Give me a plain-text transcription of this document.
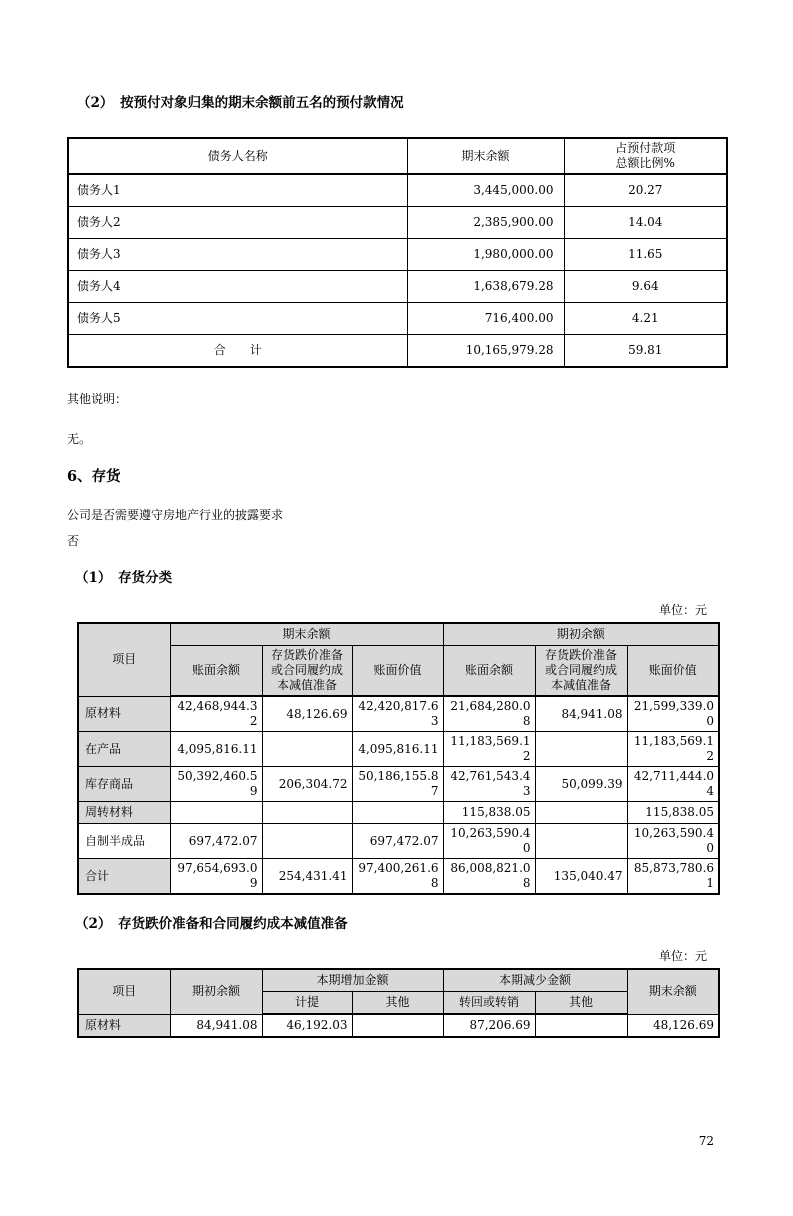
（2）　按预付对象归集的期末余额前五名的预付款情况
债务人名称	期末余额	占预付款项
总额比例%

债务人1	3,445,000.00	20.27
债务人2	2,385,900.00	14.04
债务人3	1,980,000.00	11.65
债务人4	1,638,679.28	9.64
债务人5	716,400.00	4.21
合　　计	10,165,979.28	59.81
其他说明：
无。
6、存货
公司是否需要遵守房地产行业的披露要求
否
（1）　存货分类
单位：元
项目	期末余额			期初余额		
	账面余额	存货跌价准备或合同履约成本减值准备	账面价值	账面余额	存货跌价准备或合同履约成本减值准备	账面价值
原材料	42,468,944.32	48,126.69	42,420,817.63	21,684,280.08	84,941.08	21,599,339.00
在产品	4,095,816.11		4,095,816.11	11,183,569.12		11,183,569.12
库存商品	50,392,460.59	206,304.72	50,186,155.87	42,761,543.43	50,099.39	42,711,444.04
周转材料				115,838.05		115,838.05
自制半成品	697,472.07		697,472.07	10,263,590.40		10,263,590.40
合计	97,654,693.09	254,431.41	97,400,261.68	86,008,821.08	135,040.47	85,873,780.61
（2）　存货跌价准备和合同履约成本减值准备
单位：元
项目	期初余额	本期增加金额		本期减少金额		期末余额
		计提	其他	转回或转销	其他	
原材料	84,941.08	46,192.03		87,206.69		48,126.69
72
